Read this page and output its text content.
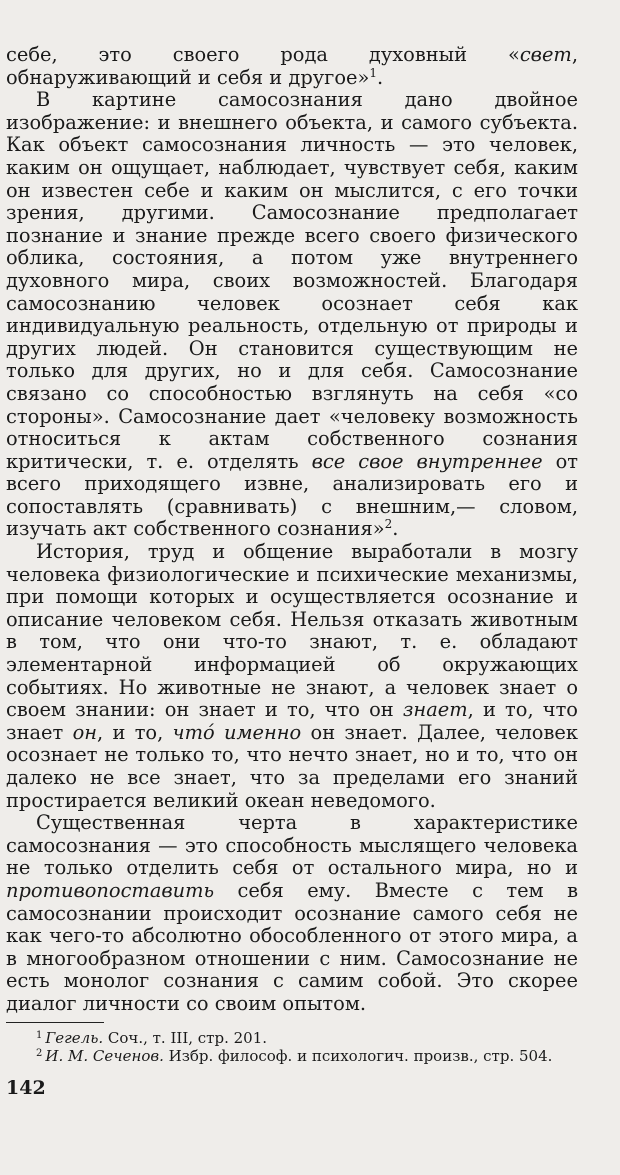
себе, это своего рода духовный «свет, обнаруживающий и себя и другое»$^1$.

В картине самосознания дано двойное изображение: и внешнего объекта, и самого субъекта. Как объект самосознания личность — это человек, каким он ощущает, наблюдает, чувствует себя, каким он известен себе и каким он мыслится, с его точки зрения, другими. Самосознание предполагает познание и знание прежде всего своего физического облика, состояния, а потом уже внутреннего духовного мира, своих возможностей. Благодаря самосознанию человек осознает себя как индивидуальную реальность, отдельную от природы и других людей. Он становится существующим не только для других, но и для себя. Самосознание связано со способностью взглянуть на себя «со стороны». Самосознание дает «человеку возможность относиться к актам собственного сознания критически, т. е. отделять все свое внутреннее от всего приходящего извне, анализировать его и сопоставлять (сравнивать) с внешним,— словом, изучать акт собственного сознания»$^2$.

История, труд и общение выработали в мозгу человека физиологические и психические механизмы, при помощи которых и осуществляется осознание и описание человеком себя. Нельзя отказать животным в том, что они что-то знают, т. е. обладают элементарной информацией об окружающих событиях. Но животные не знают, а человек знает о своем знании: он знает и то, что он знает, и то, что знает он, и то, что́ именно он знает. Далее, человек осознает не только то, что нечто знает, но и то, что он далеко не все знает, что за пределами его знаний простирается великий океан неведомого.

Существенная черта в характеристике самосознания — это способность мыслящего человека не только отделить себя от остального мира, но и противопоставить себя ему. Вместе с тем в самосознании происходит осознание самого себя не как чего-то абсолютно обособленного от этого мира, а в многообразном отношении с ним. Самосознание не есть монолог сознания с самим собой. Это скорее диалог личности со своим опытом.

$^1$ Гегель. Соч., т. III, стр. 201.

$^2$ И. М. Сеченов. Избр. философ. и психологич. произв., стр. 504.

142
